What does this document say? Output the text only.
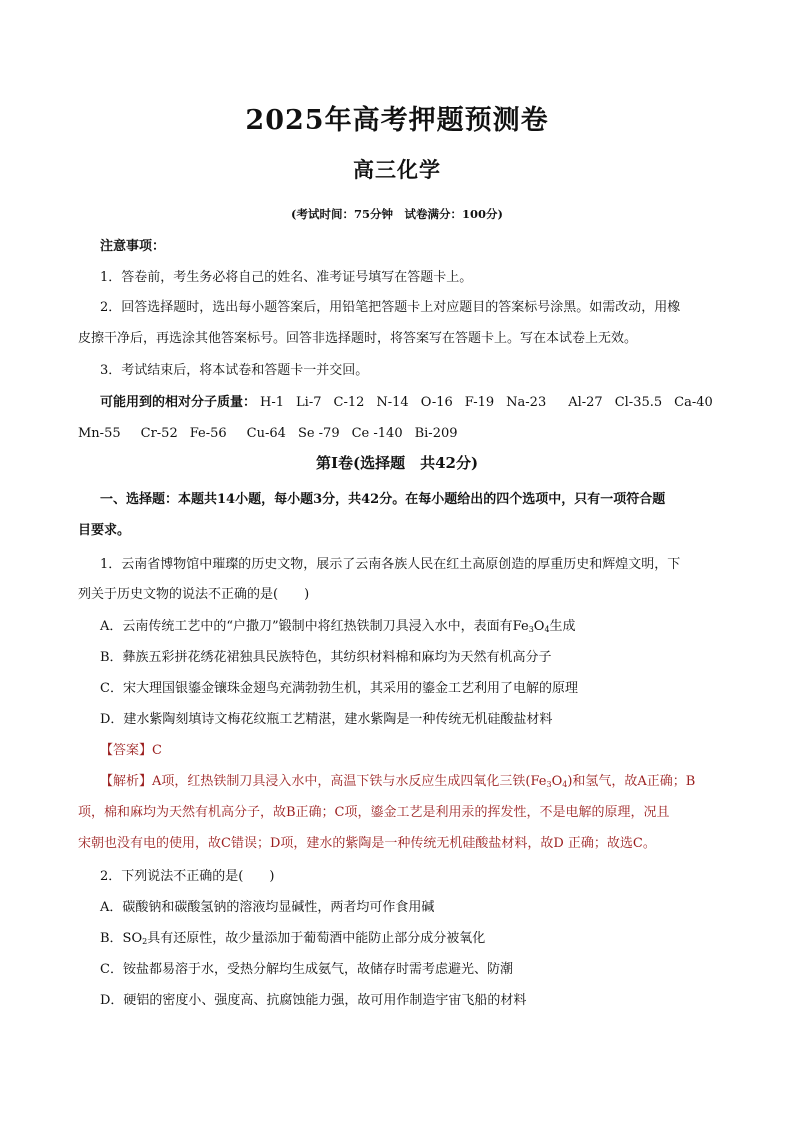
2025年高考押题预测卷
高三化学
(考试时间：75分钟　试卷满分：100分)
注意事项：
1．答卷前，考生务必将自己的姓名、准考证号填写在答题卡上。
2．回答选择题时，选出每小题答案后，用铅笔把答题卡上对应题目的答案标号涂黑。如需改动，用橡
皮擦干净后，再选涂其他答案标号。回答非选择题时，将答案写在答题卡上。写在本试卷上无效。
3．考试结束后，将本试卷和答题卡一并交回。
可能用到的相对分子质量： H-1 Li-7 C-12 N-14 O-16 F-19 Na-23 Al-27 Cl-35.5 Ca-40
Mn-55 Cr-52 Fe-56 Cu-64 Se -79 Ce -140 Bi-209
第Ⅰ卷(选择题　共42分)
一、选择题：本题共14小题，每小题3分，共42分。在每小题给出的四个选项中，只有一项符合题
目要求。
1．云南省博物馆中璀璨的历史文物，展示了云南各族人民在红土高原创造的厚重历史和辉煌文明，下
列关于历史文物的说法不正确的是(　　)
A．云南传统工艺中的“户撒刀”锻制中将红热铁制刀具浸入水中，表面有$Fe_3O_4$生成
B．彝族五彩拼花绣花裙独具民族特色，其纺织材料棉和麻均为天然有机高分子
C．宋大理国银鎏金镶珠金翅鸟充满勃勃生机，其采用的鎏金工艺利用了电解的原理
D．建水紫陶刻填诗文梅花纹瓶工艺精湛，建水紫陶是一种传统无机硅酸盐材料
【答案】C
【解析】A项，红热铁制刀具浸入水中，高温下铁与水反应生成四氧化三铁$(Fe_3O_4)$和氢气，故A正确；B
项，棉和麻均为天然有机高分子，故B正确；C项，鎏金工艺是利用汞的挥发性，不是电解的原理，况且
宋朝也没有电的使用，故C错误；D项，建水的紫陶是一种传统无机硅酸盐材料，故D 正确；故选C。
2．下列说法不正确的是(　　)
A．碳酸钠和碳酸氢钠的溶液均显碱性，两者均可作食用碱
B．$SO_2$具有还原性，故少量添加于葡萄酒中能防止部分成分被氧化
C．铵盐都易溶于水，受热分解均生成氨气，故储存时需考虑避光、防潮
D．硬铝的密度小、强度高、抗腐蚀能力强，故可用作制造宇宙飞船的材料
